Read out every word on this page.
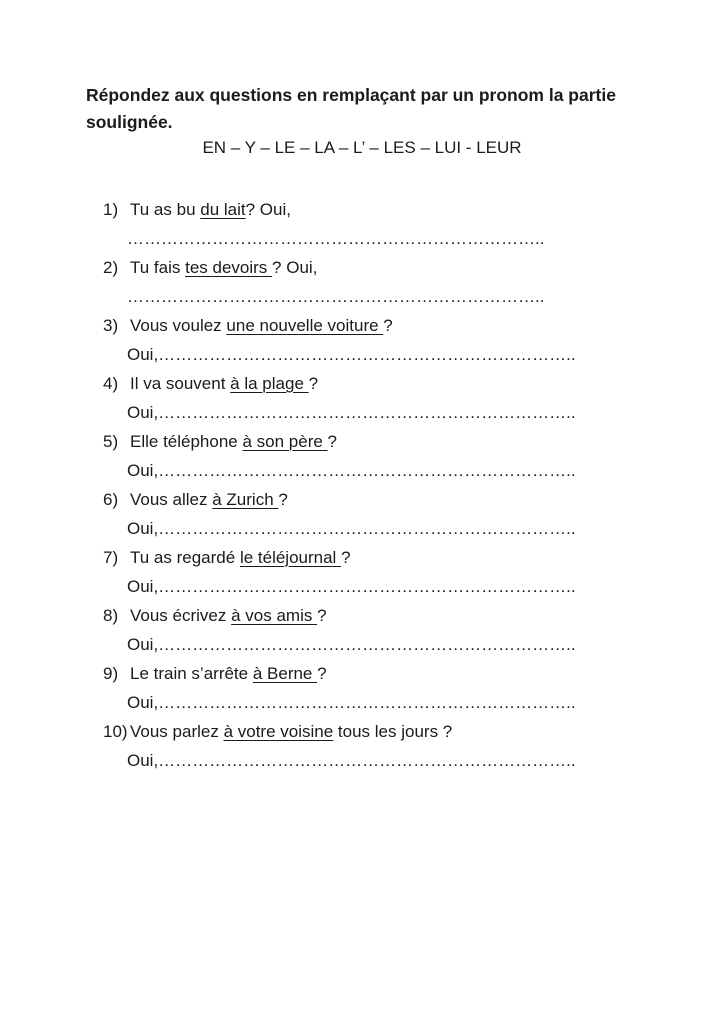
Répondez aux questions en remplaçant par un pronom la partie
soulignée.
EN – Y – LE – LA – L’ – LES – LUI - LEUR
1) Tu as bu du lait? Oui,
………………………………………………………………..
2) Tu fais tes devoirs ? Oui,
………………………………………………………………..
3) Vous voulez une nouvelle voiture ?
Oui,………………………………………………………………..
4) Il va souvent à la plage ?
Oui,………………………………………………………………..
5) Elle téléphone à son père ?
Oui,………………………………………………………………..
6) Vous allez à Zurich ?
Oui,………………………………………………………………..
7) Tu as regardé le téléjournal ?
Oui,………………………………………………………………..
8) Vous écrivez à vos amis ?
Oui,………………………………………………………………..
9) Le train s’arrête à Berne ?
Oui,………………………………………………………………..
10) Vous parlez à votre voisine tous les jours ?
Oui,………………………………………………………………..
